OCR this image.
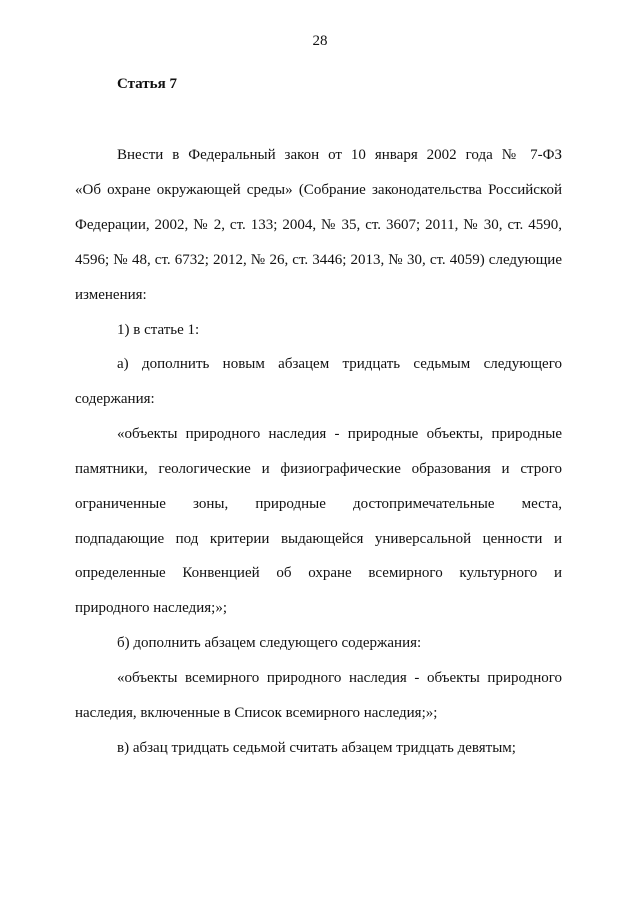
28
Статья 7
Внести в Федеральный закон от 10 января 2002 года № 7-ФЗ
«Об охране окружающей среды» (Собрание законодательства Российской
Федерации, 2002, № 2, ст. 133; 2004, № 35, ст. 3607; 2011, № 30, ст. 4590,
4596; № 48, ст. 6732; 2012, № 26, ст. 3446; 2013, № 30, ст. 4059) следующие
изменения:
1) в статье 1:
а) дополнить новым абзацем тридцать седьмым следующего
содержания:
«объекты природного наследия - природные объекты, природные
памятники, геологические и физиографические образования и строго
ограниченные зоны, природные достопримечательные места,
подпадающие под критерии выдающейся универсальной ценности и
определенные Конвенцией об охране всемирного культурного и
природного наследия;»;
б) дополнить абзацем следующего содержания:
«объекты всемирного природного наследия - объекты природного
наследия, включенные в Список всемирного наследия;»;
в) абзац тридцать седьмой считать абзацем тридцать девятым;
